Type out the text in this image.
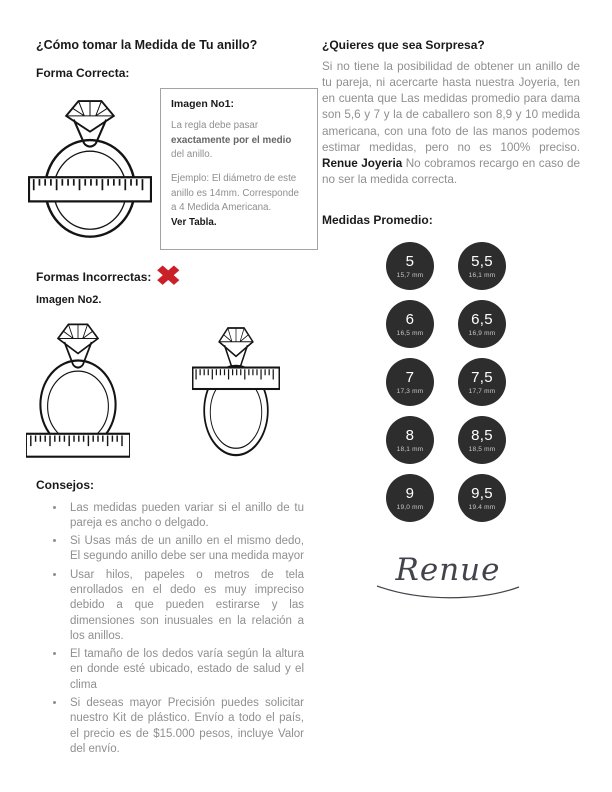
¿Cómo tomar la Medida de Tu anillo?
Forma Correcta:
Imagen No1:

La regla debe pasar exactamente por el medio del anillo.

Ejemplo: El diámetro de este anillo es 14mm. Corresponde a 4 Medida Americana.

Ver Tabla.

Formas Incorrectas: ✖
Imagen No2.
Consejos:
• Las medidas pueden variar si el anillo de tu pareja es ancho o delgado.
• Si Usas más de un anillo en el mismo dedo, El segundo anillo debe ser una medida mayor
• Usar hilos, papeles o metros de tela enrollados en el dedo es muy impreciso debido a que pueden estirarse y las dimensiones son inusuales en la relación a los anillos.
• El tamaño de los dedos varía según la altura en donde esté ubicado, estado de salud y el clima
• Si deseas mayor Precisión puedes solicitar nuestro Kit de plástico. Envío a todo el país, el precio es de $15.000 pesos, incluye Valor del envío.
¿Quieres que sea Sorpresa?

Si no tiene la posibilidad de obtener un anillo de tu pareja, ni acercarte hasta nuestra Joyeria, ten en cuenta que Las medidas promedio para dama son 5,6 y 7 y la de caballero son 8,9 y 10 medida americana, con una foto de las manos podemos estimar medidas, pero no es 100% preciso. Renue Joyeria No cobramos recargo en caso de no ser la medida correcta.

Medidas Promedio:
5
15,7 mm
5,5
16,1 mm
6
16,5 mm
6,5
16,9 mm
7
17,3 mm
7,5
17,7 mm
8
18,1 mm
8,5
18,5 mm
9
19,0 mm
9,5
19.4 mm
Renue
